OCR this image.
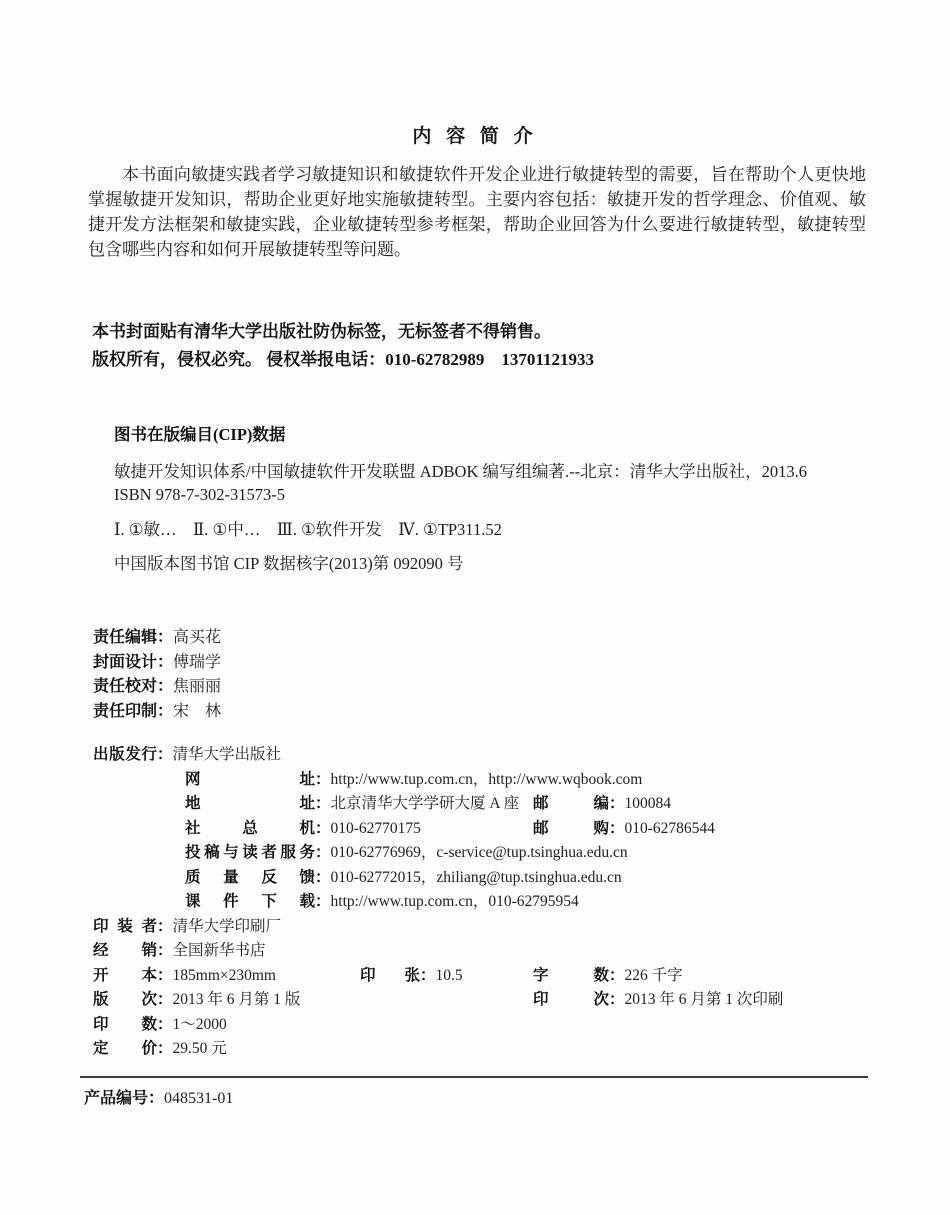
内 容 简 介

本书面向敏捷实践者学习敏捷知识和敏捷软件开发企业进行敏捷转型的需要，旨在帮助个人更快地掌握敏捷开发知识，帮助企业更好地实施敏捷转型。主要内容包括：敏捷开发的哲学理念、价值观、敏捷开发方法框架和敏捷实践，企业敏捷转型参考框架，帮助企业回答为什么要进行敏捷转型，敏捷转型包含哪些内容和如何开展敏捷转型等问题。

本书封面贴有清华大学出版社防伪标签，无标签者不得销售。
版权所有，侵权必究。 侵权举报电话：010-62782989　13701121933
图书在版编目(CIP)数据
敏捷开发知识体系/中国敏捷软件开发联盟 ADBOK 编写组编著.--北京：清华大学出版社，2013.6
ISBN 978-7-302-31573-5
Ⅰ. ①敏…　Ⅱ. ①中…　Ⅲ. ①软件开发　Ⅳ. ①TP311.52
中国版本图书馆 CIP 数据核字(2013)第 092090 号
责任编辑：高买花
封面设计：傅瑞学
责任校对：焦丽丽
责任印制：宋　林
出版发行：清华大学出版社
网址：http://www.tup.com.cn，http://www.wqbook.com
地址：北京清华大学学研大厦 A 座 邮编：100084
社总机：010-62770175	邮购：010-62786544
投稿与读者服务：010-62776969，c-service@tup.tsinghua.edu.cn
质量反馈：010-62772015，zhiliang@tup.tsinghua.edu.cn
课件下载：http://www.tup.com.cn，010-62795954
印装者：清华大学印刷厂
经销：全国新华书店
开本：185mm×230mm	印张：10.5	字数：226 千字
版次：2013 年 6 月第 1 版	印次：2013 年 6 月第 1 次印刷
印数：1～2000
定价：29.50 元
产品编号：048531-01
